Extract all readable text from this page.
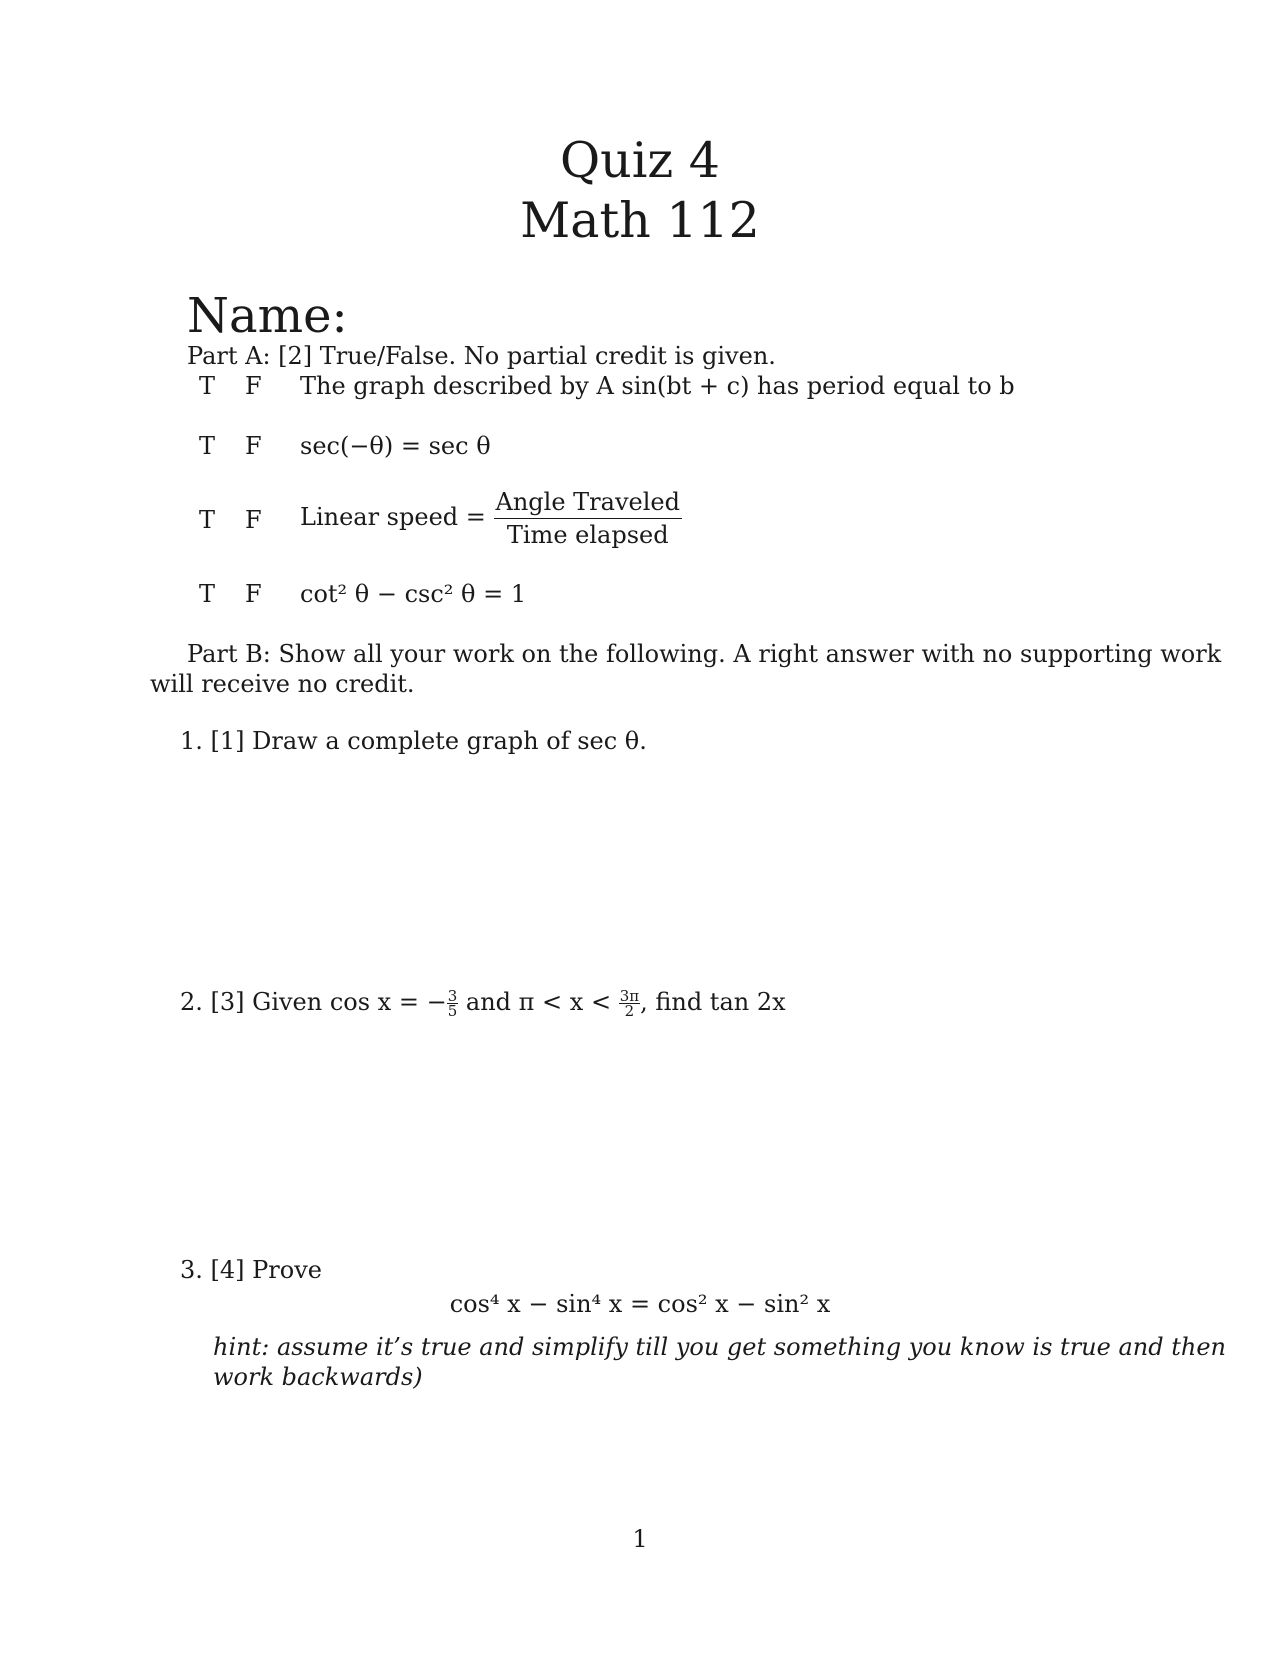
Quiz 4
Math 112
Name:
Part A: [2] True/False. No partial credit is given.
T F	The graph described by A sin(bt + c) has period equal to b
T F	sec(−θ) = sec θ
T F	Linear speed = $\frac{\text{Angle Traveled}}{\text{Time elapsed}}$
T F	cot² θ − csc² θ = 1
Part B: Show all your work on the following. A right answer with no supporting work
will receive no credit.
1. [1] Draw a complete graph of sec θ.
2. [3] Given cos x = − $\frac{3}{5}$ and $\pi < x < \frac{3\pi}{2}$ , find tan 2x
3. [4] Prove
cos⁴ x − sin⁴ x = cos² x − sin² x
hint: assume it’s true and simplify till you get something you know is true and then
work backwards)
1
